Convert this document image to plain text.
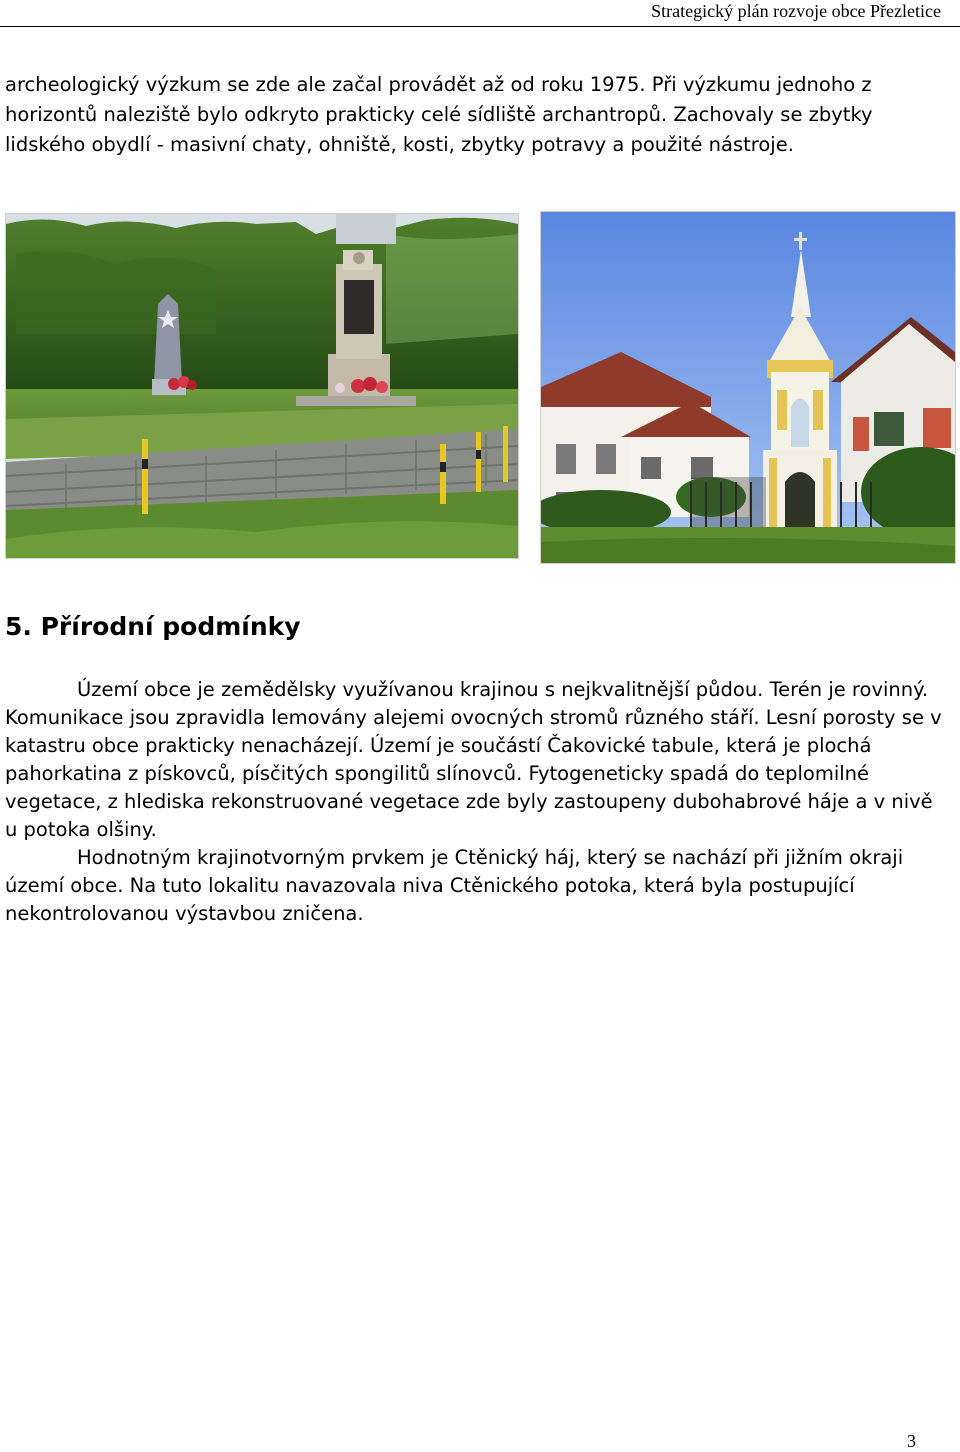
Strategický plán rozvoje obce Přezletice

archeologický výzkum se zde ale začal provádět až od roku 1975. Při výzkumu jednoho z horizontů naleziště bylo odkryto prakticky celé sídliště archantropů. Zachovaly se zbytky lidského obydlí - masivní chaty, ohniště, kosti, zbytky potravy a použité nástroje.

5. Přírodní podmínky
Území obce je zemědělsky využívanou krajinou s nejkvalitnější půdou. Terén je rovinný. Komunikace jsou zpravidla lemovány alejemi ovocných stromů různého stáří. Lesní porosty se v katastru obce prakticky nenacházejí. Území je součástí Čakovické tabule, která je plochá pahorkatina z pískovců, písčitých spongilitů slínovců. Fytogeneticky spadá do teplomilné vegetace, z hlediska rekonstruované vegetace zde byly zastoupeny dubohabrové háje a v nivě u potoka olšiny.
Hodnotným krajinotvorným prvkem je Ctěnický háj, který se nachází při jižním okraji území obce. Na tuto lokalitu navazovala niva Ctěnického potoka, která byla postupující nekontrolovanou výstavbou zničena.
3
